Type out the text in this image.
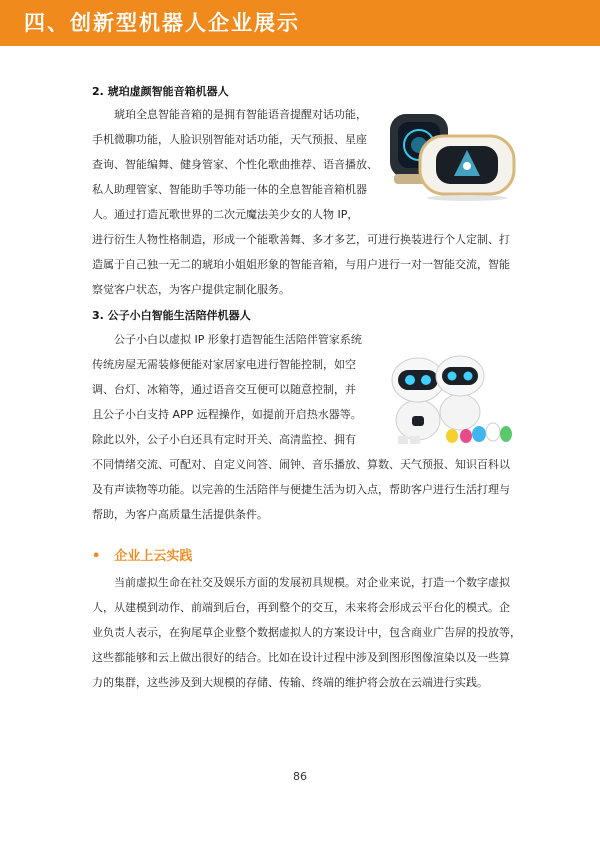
四、创新型机器人企业展示
2. 琥珀虚颜智能音箱机器人
琥珀全息智能音箱的是拥有智能语音提醒对话功能，
手机微聊功能，人脸识别智能对话功能，天气预报、星座
查询、智能编舞、健身管家、个性化歌曲推荐、语音播放、
私人助理管家、智能助手等功能一体的全息智能音箱机器
人。通过打造瓦歌世界的二次元魔法美少女的人物 IP，
进行衍生人物性格制造，形成一个能歌善舞、多才多艺，可进行换装进行个人定制、打
造属于自己独一无二的琥珀小姐姐形象的智能音箱，与用户进行一对一智能交流，智能
察觉客户状态，为客户提供定制化服务。
3. 公子小白智能生活陪伴机器人
公子小白以虚拟 IP 形象打造智能生活陪伴管家系统
传统房屋无需装修便能对家居家电进行智能控制，如空
调、台灯、冰箱等，通过语音交互便可以随意控制，并
且公子小白支持 APP 远程操作，如提前开启热水器等。
除此以外，公子小白还具有定时开关、高清监控、拥有
不同情绪交流、可配对、自定义问答、闹钟、音乐播放、算数、天气预报、知识百科以
及有声读物等功能。以完善的生活陪伴与便捷生活为切入点，帮助客户进行生活打理与
帮助，为客户高质量生活提供条件。
• 企业上云实践
当前虚拟生命在社交及娱乐方面的发展初具规模。对企业来说，打造一个数字虚拟
人，从建模到动作、前端到后台，再到整个的交互，未来将会形成云平台化的模式。企
业负责人表示，在狗尾草企业整个数据虚拟人的方案设计中，包含商业广告屏的投放等，
这些都能够和云上做出很好的结合。比如在设计过程中涉及到图形图像渲染以及一些算
力的集群，这些涉及到大规模的存储、传输、终端的维护将会放在云端进行实践。
86
